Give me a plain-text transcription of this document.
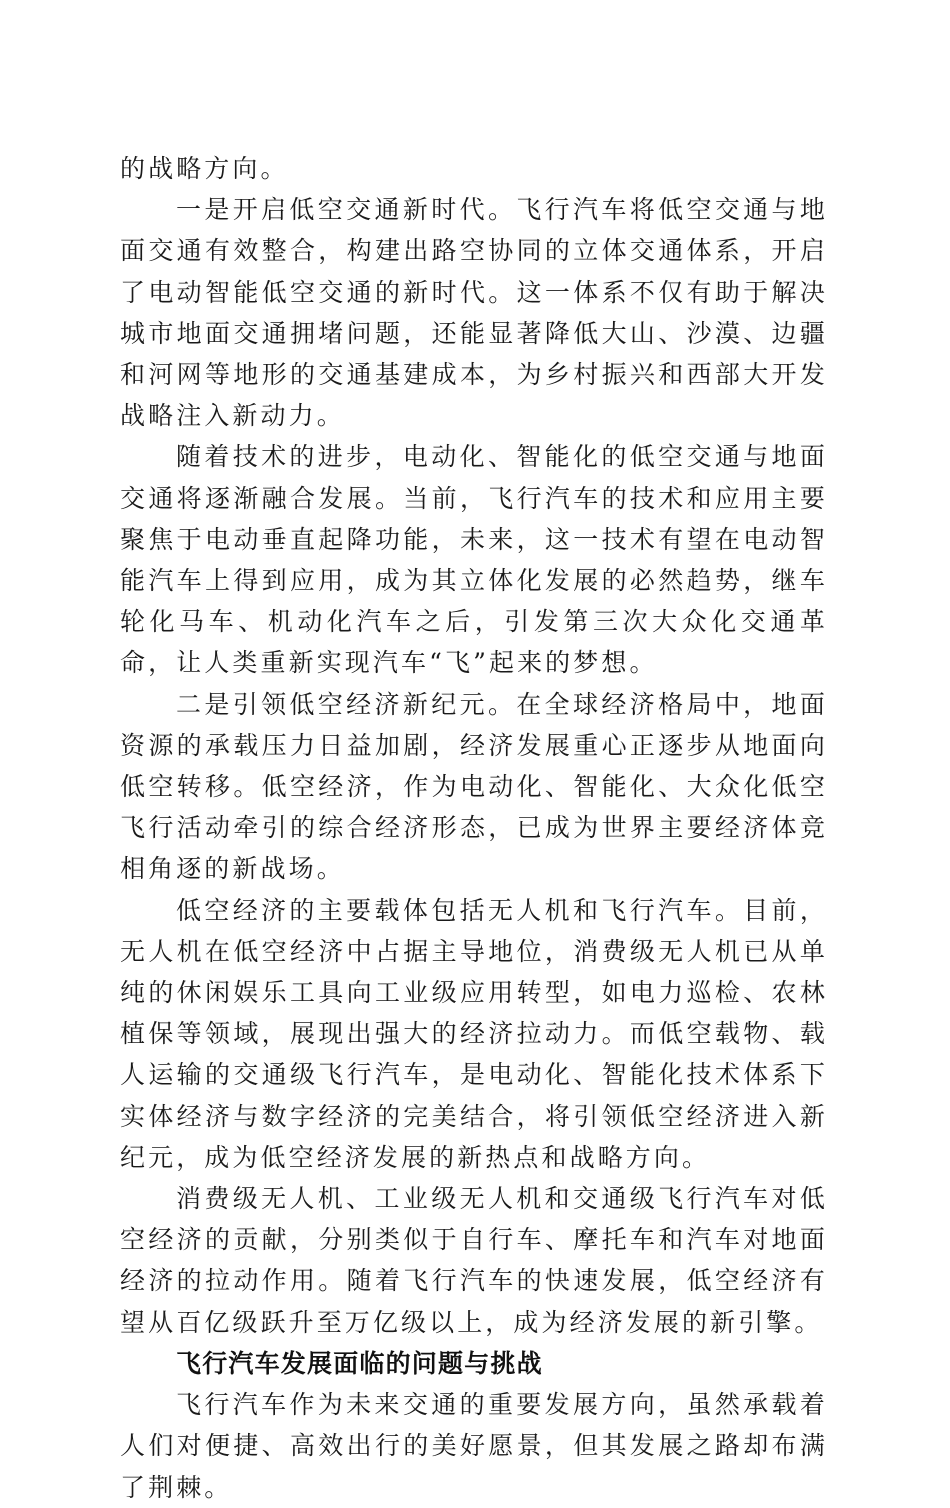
的战略方向。

一是开启低空交通新时代。飞行汽车将低空交通与地面交通有效整合，构建出路空协同的立体交通体系，开启了电动智能低空交通的新时代。这一体系不仅有助于解决城市地面交通拥堵问题，还能显著降低大山、沙漠、边疆和河网等地形的交通基建成本，为乡村振兴和西部大开发战略注入新动力。

随着技术的进步，电动化、智能化的低空交通与地面交通将逐渐融合发展。当前，飞行汽车的技术和应用主要聚焦于电动垂直起降功能，未来，这一技术有望在电动智能汽车上得到应用，成为其立体化发展的必然趋势，继车轮化马车、机动化汽车之后，引发第三次大众化交通革命，让人类重新实现汽车“飞”起来的梦想。

二是引领低空经济新纪元。在全球经济格局中，地面资源的承载压力日益加剧，经济发展重心正逐步从地面向低空转移。低空经济，作为电动化、智能化、大众化低空飞行活动牵引的综合经济形态，已成为世界主要经济体竞相角逐的新战场。

低空经济的主要载体包括无人机和飞行汽车。目前，无人机在低空经济中占据主导地位，消费级无人机已从单纯的休闲娱乐工具向工业级应用转型，如电力巡检、农林植保等领域，展现出强大的经济拉动力。而低空载物、载人运输的交通级飞行汽车，是电动化、智能化技术体系下实体经济与数字经济的完美结合，将引领低空经济进入新纪元，成为低空经济发展的新热点和战略方向。

消费级无人机、工业级无人机和交通级飞行汽车对低空经济的贡献，分别类似于自行车、摩托车和汽车对地面经济的拉动作用。随着飞行汽车的快速发展，低空经济有望从百亿级跃升至万亿级以上，成为经济发展的新引擎。

飞行汽车发展面临的问题与挑战

飞行汽车作为未来交通的重要发展方向，虽然承载着人们对便捷、高效出行的美好愿景，但其发展之路却布满了荆棘。
